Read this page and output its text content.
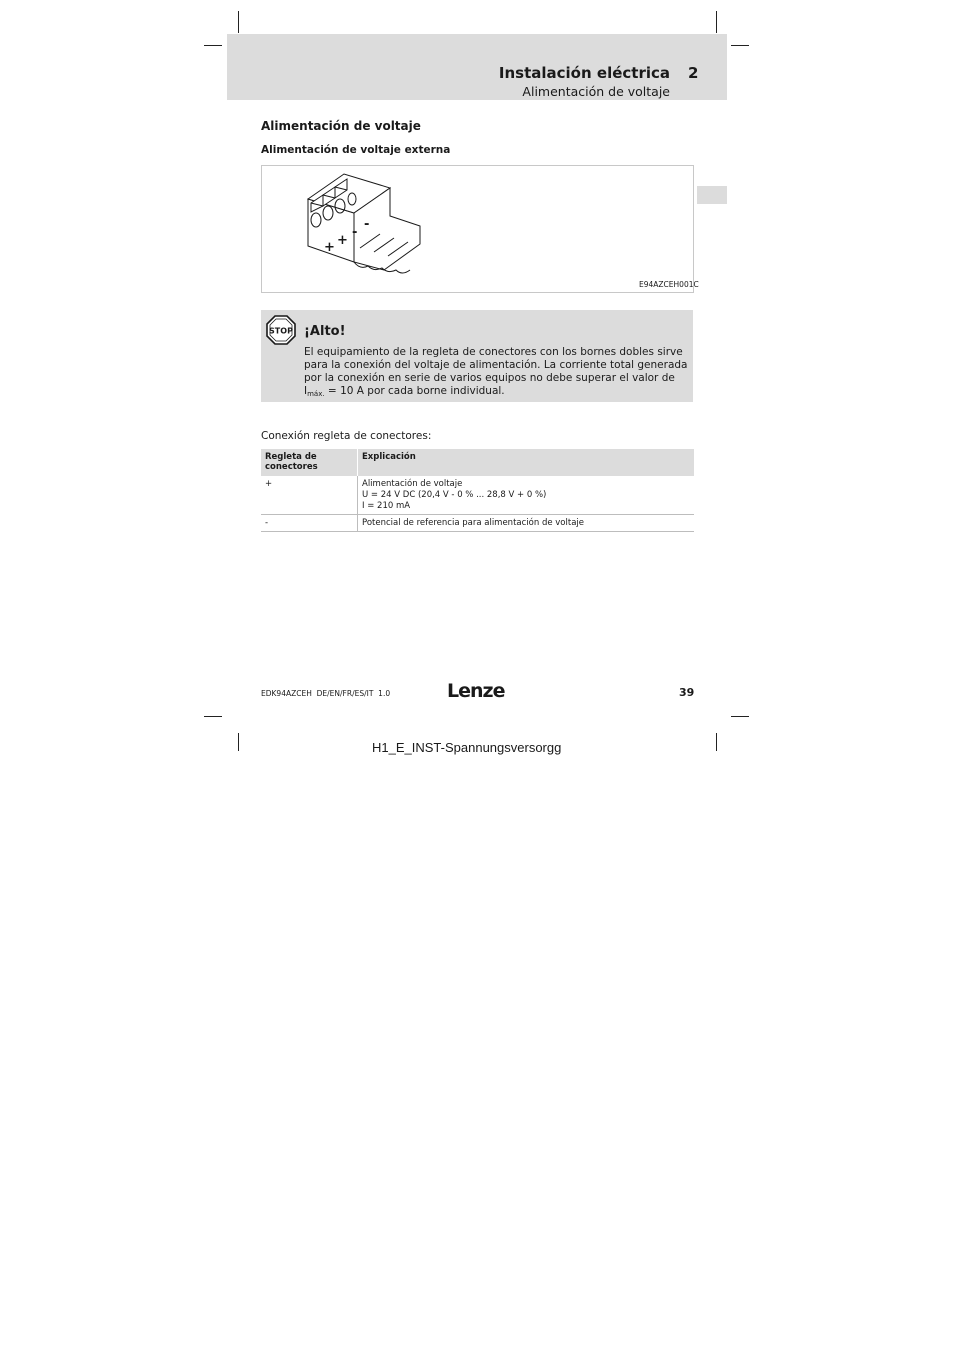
Instalación eléctrica 2
Alimentación de voltaje
Alimentación de voltaje
Alimentación de voltaje externa
+ +
-
-
E94AZCEH001C
STOP ¡Alto!
El equipamiento de la regleta de conectores con los bornes dobles sirve para la conexión del voltaje de alimentación. La corriente total generada por la conexión en serie de varios equipos no debe superar el valor de $I_{máx.} = 10$ A por cada borne individual.
Conexión regleta de conectores:
Regleta de conectores	Explicación
+	Alimentación de voltaje
U = 24 V DC (20,4 V - 0 % ... 28,8 V + 0 %)
I = 210 mA

-	Potencial de referencia para alimentación de voltaje
EDK94AZCEH  DE/EN/FR/ES/IT  1.0	Lenze	39
H1_E_INST-Spannungsversorgg
